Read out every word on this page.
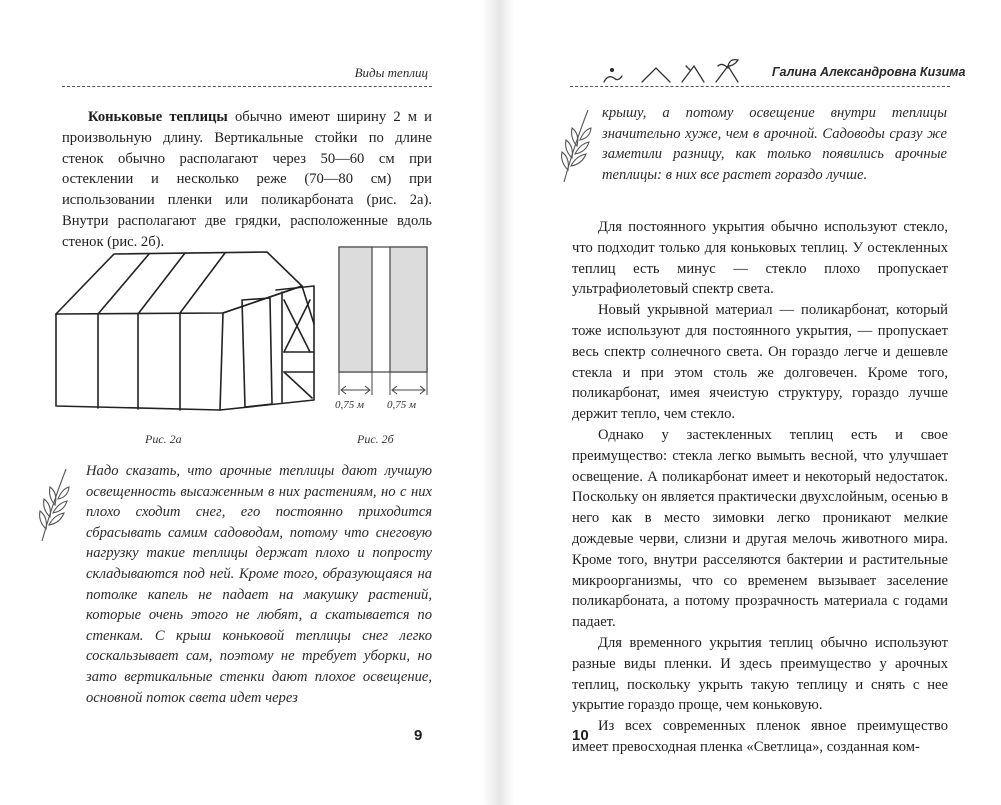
Виды теплиц

Коньковые теплицы обычно имеют ширину 2 м и произвольную длину. Вертикальные стойки по длине стенок обычно располагают через 50—60 см при остеклении и несколько реже (70—80 см) при использовании пленки или поликарбоната (рис. 2а). Внутри располагают две грядки, расположенные вдоль стенок (рис. 2б).

0,75 м 0,75 м
Рис. 2а	Рис. 2б

Надо сказать, что арочные теплицы дают лучшую освещенность высаженным в них растениям, но с них плохо сходит снег, его постоянно приходится сбрасывать самим садоводам, потому что снеговую нагрузку такие теплицы держат плохо и попросту складываются под ней. Кроме того, образующаяся на потолке капель не падает на макушку растений, которые очень этого не любят, а скатывается по стенкам. С крыш коньковой теплицы снег легко соскальзывает сам, поэтому не требует уборки, но зато вертикальные стенки дают плохое освещение, основной поток света идет через

9
Галина Александровна Кизима

крышу, а потому освещение внутри теплицы значительно хуже, чем в арочной. Садоводы сразу же заметили разницу, как только появились арочные теплицы: в них все растет гораздо лучше.

Для постоянного укрытия обычно используют стекло, что подходит только для коньковых теплиц. У остекленных теплиц есть минус — стекло плохо пропускает ультрафиолетовый спектр света.

Новый укрывной материал — поликарбонат, который тоже используют для постоянного укрытия, — пропускает весь спектр солнечного света. Он гораздо легче и дешевле стекла и при этом столь же долговечен. Кроме того, поликарбонат, имея ячеистую структуру, гораздо лучше держит тепло, чем стекло.

Однако у застекленных теплиц есть и свое преимущество: стекла легко вымыть весной, что улучшает освещение. А поликарбонат имеет и некоторый недостаток. Поскольку он является практически двухслойным, осенью в него как в место зимовки легко проникают мелкие дождевые черви, слизни и другая мелочь животного мира. Кроме того, внутри расселяются бактерии и растительные микроорганизмы, что со временем вызывает заселение поликарбоната, а потому прозрачность материала с годами падает.

Для временного укрытия теплиц обычно используют разные виды пленки. И здесь преимущество у арочных теплиц, поскольку укрыть такую теплицу и снять с нее укрытие гораздо проще, чем коньковую.

Из всех современных пленок явное преимущество имеет превосходная пленка «Светлица», созданная ком-

10
